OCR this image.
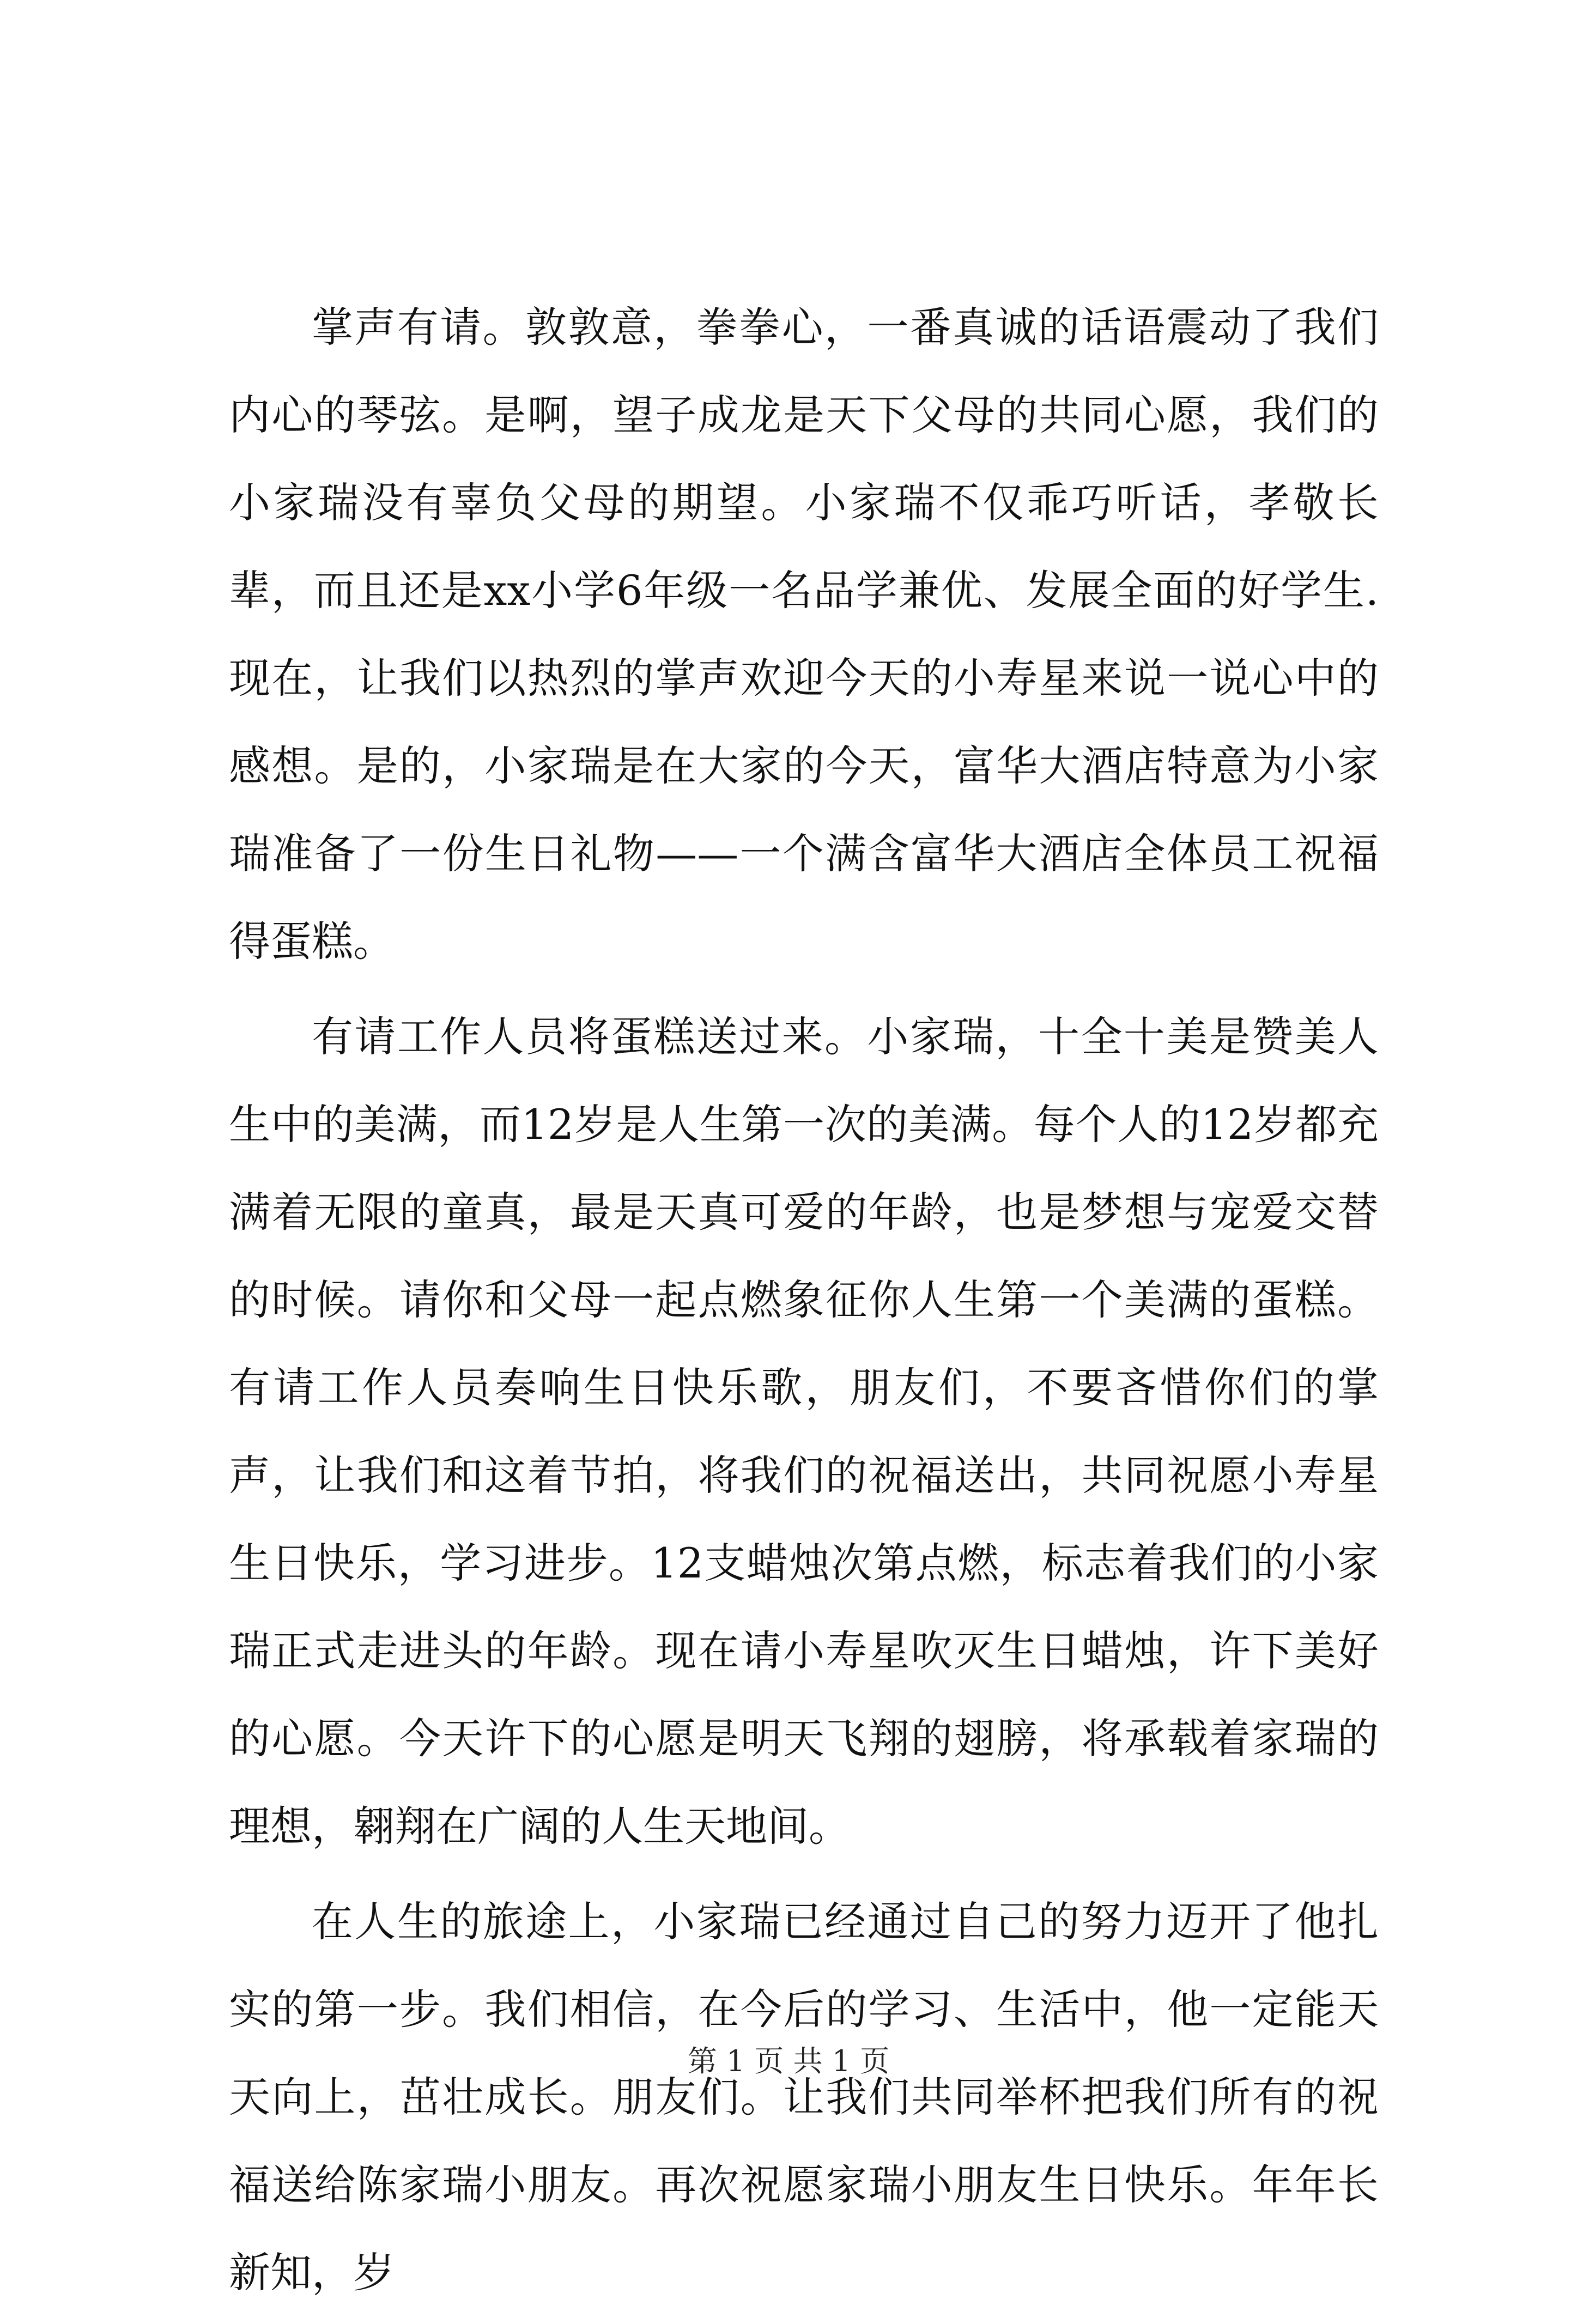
掌声有请。敦敦意，拳拳心，一番真诚的话语震动了我们内心的琴弦。是啊，望子成龙是天下父母的共同心愿，我们的小家瑞没有辜负父母的期望。小家瑞不仅乖巧听话，孝敬长辈，而且还是xx小学6年级一名品学兼优、发展全面的好学生.现在，让我们以热烈的掌声欢迎今天的小寿星来说一说心中的感想。是的，小家瑞是在大家的今天，富华大酒店特意为小家瑞准备了一份生日礼物——一个满含富华大酒店全体员工祝福得蛋糕。

有请工作人员将蛋糕送过来。小家瑞，十全十美是赞美人生中的美满，而12岁是人生第一次的美满。每个人的12岁都充满着无限的童真，最是天真可爱的年龄，也是梦想与宠爱交替的时候。请你和父母一起点燃象征你人生第一个美满的蛋糕。有请工作人员奏响生日快乐歌，朋友们，不要吝惜你们的掌声，让我们和这着节拍，将我们的祝福送出，共同祝愿小寿星生日快乐，学习进步。12支蜡烛次第点燃，标志着我们的小家瑞正式走进头的年龄。现在请小寿星吹灭生日蜡烛，许下美好的心愿。今天许下的心愿是明天飞翔的翅膀，将承载着家瑞的理想，翱翔在广阔的人生天地间。

在人生的旅途上，小家瑞已经通过自己的努力迈开了他扎实的第一步。我们相信，在今后的学习、生活中，他一定能天天向上，茁壮成长。朋友们。让我们共同举杯把我们所有的祝福送给陈家瑞小朋友。再次祝愿家瑞小朋友生日快乐。年年长新知，岁

第 1 页 共 1 页
